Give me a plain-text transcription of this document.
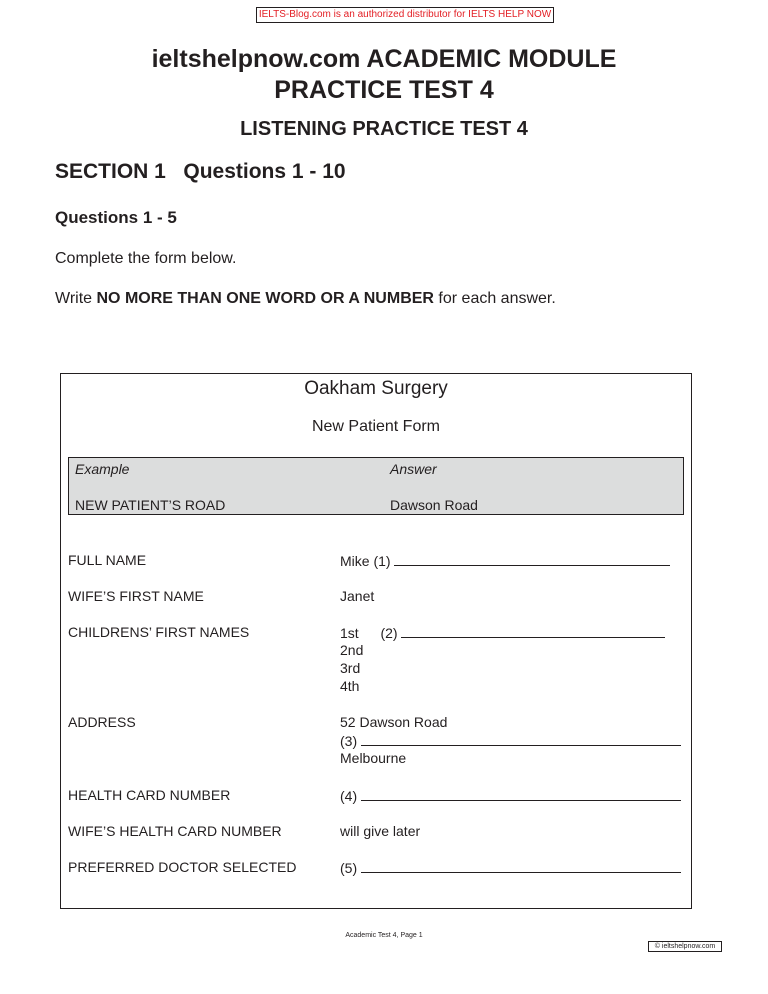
IELTS-Blog.com is an authorized distributor for IELTS HELP NOW
ieltshelpnow.com ACADEMIC MODULE
PRACTICE TEST 4
LISTENING PRACTICE TEST 4
SECTION 1   Questions 1 - 10
Questions 1 - 5
Complete the form below.
Write NO MORE THAN ONE WORD OR A NUMBER for each answer.
Oakham Surgery
New Patient Form
Example	Answer
NEW PATIENT’S ROAD	Dawson Road
FULL NAME	Mike (1)
WIFE’S FIRST NAME	Janet
CHILDRENS’ FIRST NAMES	1st (2)
2nd
3rd
4th
ADDRESS	52 Dawson Road
(3)
Melbourne
HEALTH CARD NUMBER	(4)
WIFE’S HEALTH CARD NUMBER	will give later
PREFERRED DOCTOR SELECTED	(5)
Academic Test 4, Page 1
© ieltshelpnow.com
